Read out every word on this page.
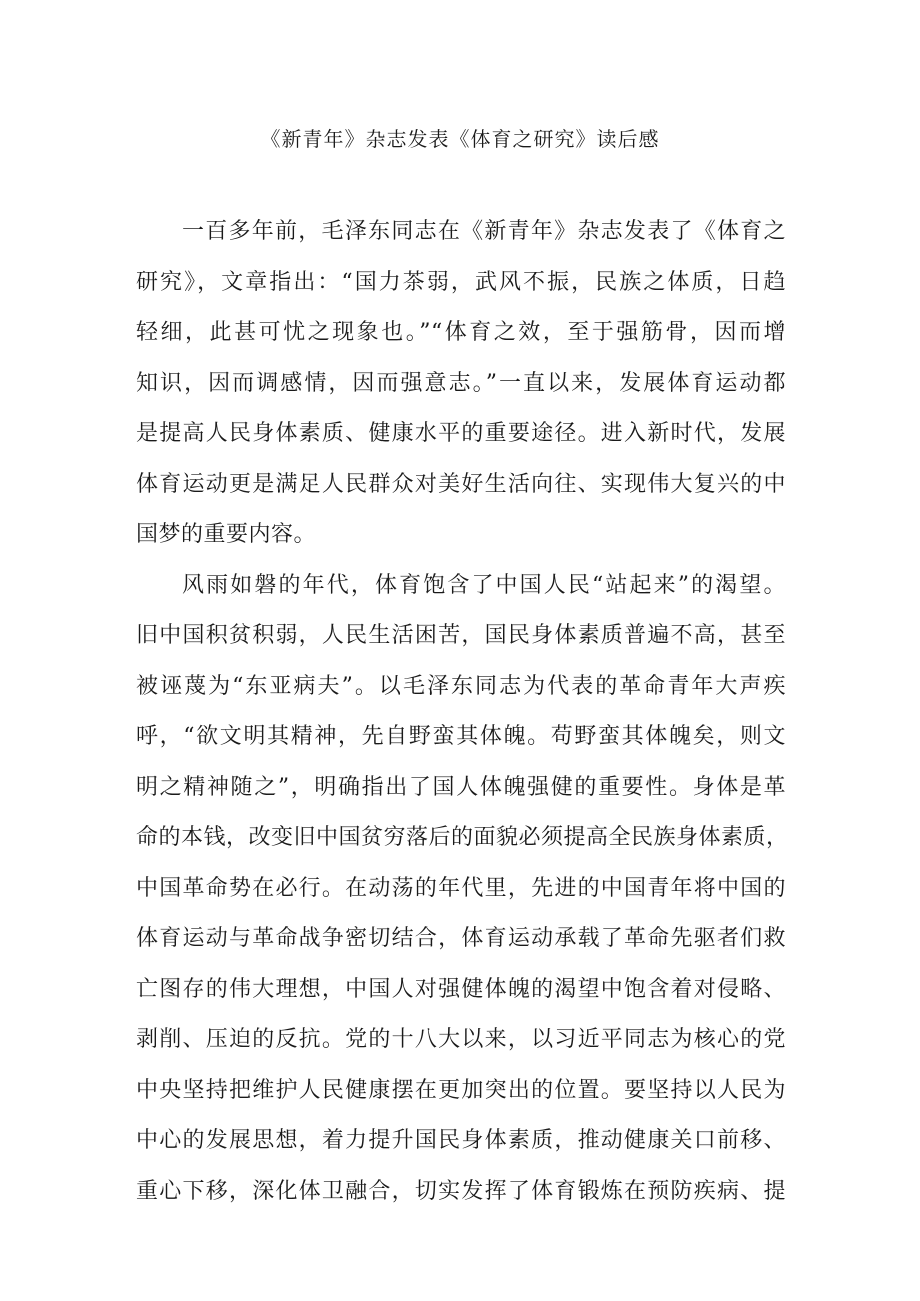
《新青年》杂志发表《体育之研究》读后感
一百多年前，毛泽东同志在《新青年》杂志发表了《体育之
研究》，文章指出：“国力茶弱，武风不振，民族之体质，日趋
轻细，此甚可忧之现象也。”“体育之效，至于强筋骨，因而增
知识，因而调感情，因而强意志。”一直以来，发展体育运动都
是提高人民身体素质、健康水平的重要途径。进入新时代，发展
体育运动更是满足人民群众对美好生活向往、实现伟大复兴的中
国梦的重要内容。
风雨如磐的年代，体育饱含了中国人民“站起来”的渴望。
旧中国积贫积弱，人民生活困苦，国民身体素质普遍不高，甚至
被诬蔑为“东亚病夫”。以毛泽东同志为代表的革命青年大声疾
呼，“欲文明其精神，先自野蛮其体魄。苟野蛮其体魄矣，则文
明之精神随之”，明确指出了国人体魄强健的重要性。身体是革
命的本钱，改变旧中国贫穷落后的面貌必须提高全民族身体素质，
中国革命势在必行。在动荡的年代里，先进的中国青年将中国的
体育运动与革命战争密切结合，体育运动承载了革命先驱者们救
亡图存的伟大理想，中国人对强健体魄的渴望中饱含着对侵略、
剥削、压迫的反抗。党的十八大以来，以习近平同志为核心的党
中央坚持把维护人民健康摆在更加突出的位置。要坚持以人民为
中心的发展思想，着力提升国民身体素质，推动健康关口前移、
重心下移，深化体卫融合，切实发挥了体育锻炼在预防疾病、提
